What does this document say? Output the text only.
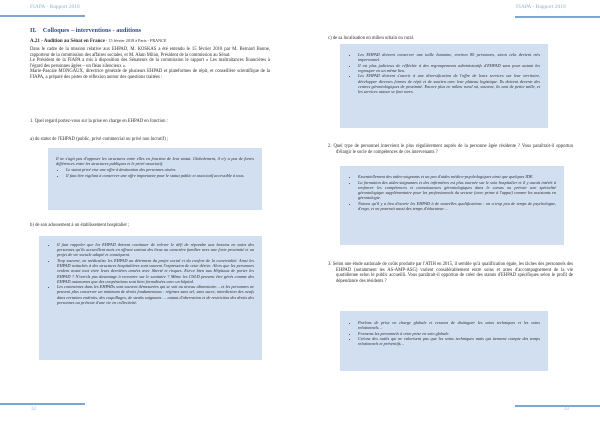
FIAPA - Rapport 2018
II. Colloques – interventions - auditions
A.21 - Audition au Sénat en France - 15 février 2018 à Paris - FRANCE
Dans le cadre de la mission relative aux EHPAD, M. KOSKAS a été entendu le 15 février 2018 par M. Bernard Bonne, rapporteur de la commission des affaires sociales, et M. Alain Milon, Président de la commission au Sénat.
Le Président de la FIAPA a mis à disposition des Sénateurs de la commission le rapport « Les maltraitances financières à l'égard des personnes âgées – un fléau silencieux ».
Marie-Pascale MONGAUX, directrice générale de plusieurs EHPAD et plateformes de répit, et conseillère scientifique de la FIAPA, a préparé des pistes de réflexion autour des questions traitées :
1. Quel regard portez-vous sur la prise en charge en EHPAD en fonction :
a) du statut de l'EHPAD (public, privé commercial ou privé non lucratif) ;

Il ne s'agit pas d'opposer les structures entre elles en fonction de leur statut. Globalement, il n'y a pas de fortes différences entre les structures publiques et le privé associatif.

• Le statut privé vise une offre à destination des personnes aisées.
• Il faut être vigilant à conserver une offre importante pour le statut public et associatif accessible à tous.
b) de son adossement à un établissement hospitalier ;
• Il faut rappeler que les EHPAD doivent continuer de relever le défi de répondre aux besoins en soins des personnes qu'ils accueillent mais en offrant surtout des lieux au caractère familier avec une forte proximité et un projet de vie sociale adapté et conséquent.
• Trop souvent, on médicalise les EHPAD au détriment du projet social et du confort de la convivialité. Ainsi les EHPAD rattachés à des structures hospitalières sont souvent l'expression de cette dérive. Alors que les personnes veulent avant tout vivre leurs dernières années avec liberté et risques. Est-ce bien aux Hôpitaux de porter les EHPAD ? N'ont-ils pas davantage à recentrer sur le sanitaire ? Même les USLD peuvent être gérés comme des EHPAD autonomes que des coopérations sont bien formalisées avec un hôpital.
• Les contraintes dans les EHPADs sont souvent démesurées qui se soit au niveau alimentaire… et les personnes ne peuvent plus conserver un minimum de droits fondamentaux : régimes sans sel, sans sucre, interdiction des oeufs dans certaines endroits, des coquillages, de steaks saignants … autant d'aberration et de restriction des droits des personnes au prétexte d'une vie en collectivité.
32
FIAPA - Rapport 2018
c) de sa localisation en milieu urbain ou rural.
• Les EHPAD doivent conserver une taille humaine, environ 80 personnes, sinon cela devient très impersonnel.
• Il est plus judicieux de réfléchir à des regroupements administratifs d'EHPAD sans pour autant les regrouper en un même lieu.
• Les EHPAD doivent s'ouvrir à une diversification de l'offre de leurs services sur leur territoire, développer diverses formes de répit et de soutien avec leur plateau logistique. Ils doivent devenir des centres gérontologiques de proximité. Encore plus en milieu rural où, souvent, ils sont de petite taille, et les services autour se font rares.
2. Quel type de personnel intervient le plus régulièrement auprès de la personne âgée résidente ? Vous paraîtrait-il opportun d'élargir le socle de compétences de ces intervenants ?
• Essentiellement des aides-soignants et un peu d'aides médico-psychologiques ainsi que quelques IDE.
• La formation des aides-soignantes et des infirmières est plus tournée sur le soin hospitalier et il y aurait intérêt à renforcer les compétences et connaissances gérontologiques dans le cursus ou prévoir une spécialité gérontologique supplémentaire pour les professionnels du secteur (avec prime à l'appui) comme les assistants en gérontologie.
• Notons qu'il y a lieu d'ouvrir les EHPAD à de nouvelles qualifications : on a trop peu de temps de psychologue, d'ergo, et on pourrait aussi des temps d'éducateur…
3. Selon une étude nationale de coûts produite par l'ATIH en 2015, il semble qu'à qualification égale, les tâches des personnels des EHPAD (notamment les AS-AMP-ASG) varient considérablement entre soins et actes d'accompagnement de la vie quotidienne selon le public accueilli. Vous paraîtrait-il opportun de créer des statuts d'EHPAD spécifiques selon le profil de dépendance des résidents ?
• Parlons de prise en charge globale et cessons de distinguer les soins techniques et les soins relationnels…
• Formons les personnels à cette prise en soin globale.
• Créons des outils qui ne valorisent pas que les soins techniques mais qui tiennent compte des temps relationnels et préventifs…
33
